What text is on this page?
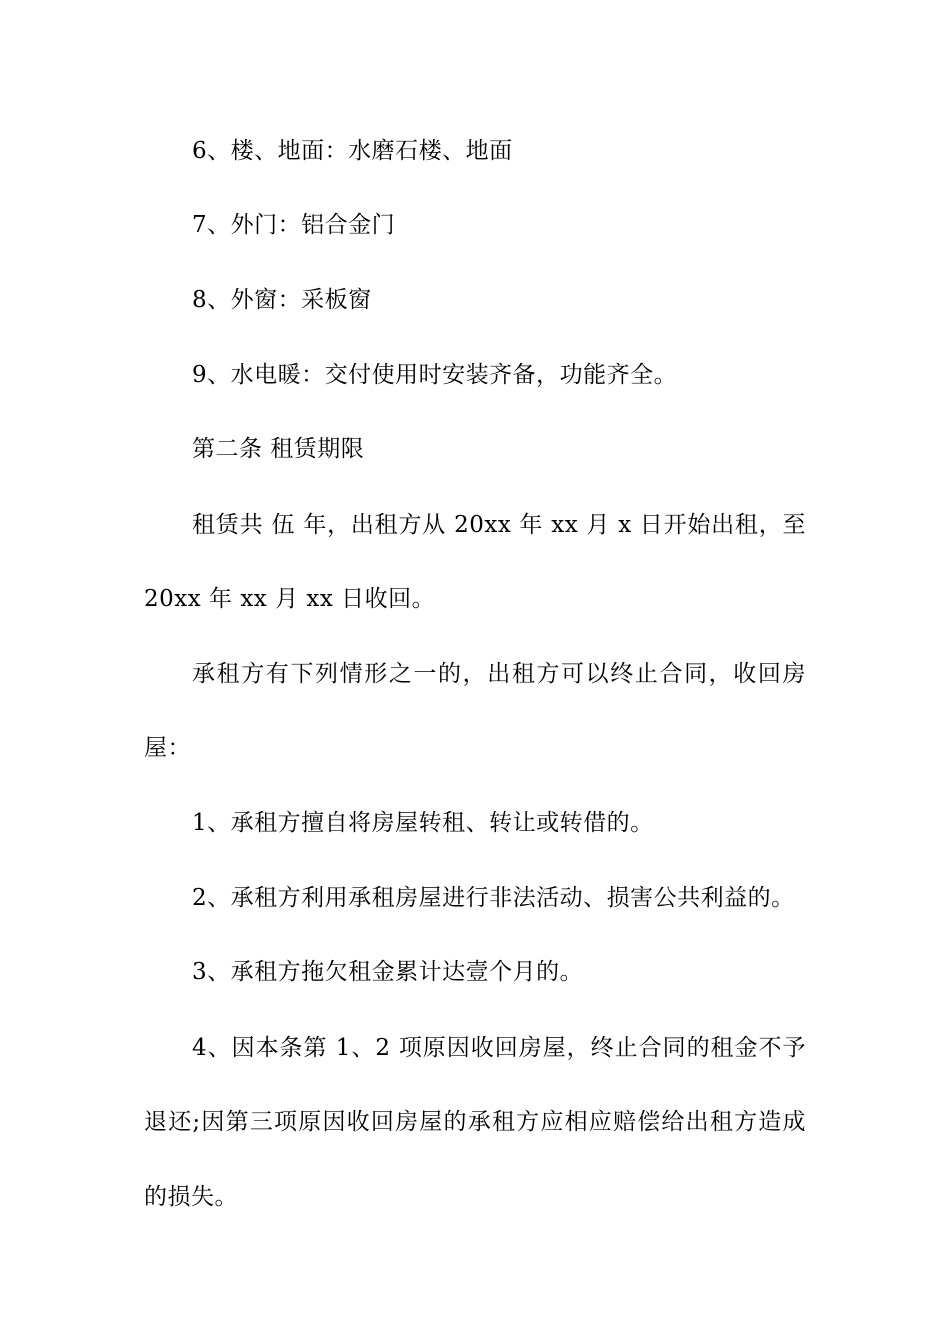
6、楼、地面：水磨石楼、地面
7、外门：铝合金门
8、外窗：采板窗
9、水电暖：交付使用时安装齐备，功能齐全。
第二条 租赁期限
租赁共 伍 年，出租方从 20xx 年 xx 月 x 日开始出租，至
20xx 年 xx 月 xx 日收回。
承租方有下列情形之一的，出租方可以终止合同，收回房
屋：
1、承租方擅自将房屋转租、转让或转借的。
2、承租方利用承租房屋进行非法活动、损害公共利益的。
3、承租方拖欠租金累计达壹个月的。
4、因本条第 1、2 项原因收回房屋，终止合同的租金不予
退还;因第三项原因收回房屋的承租方应相应赔偿给出租方造成
的损失。
